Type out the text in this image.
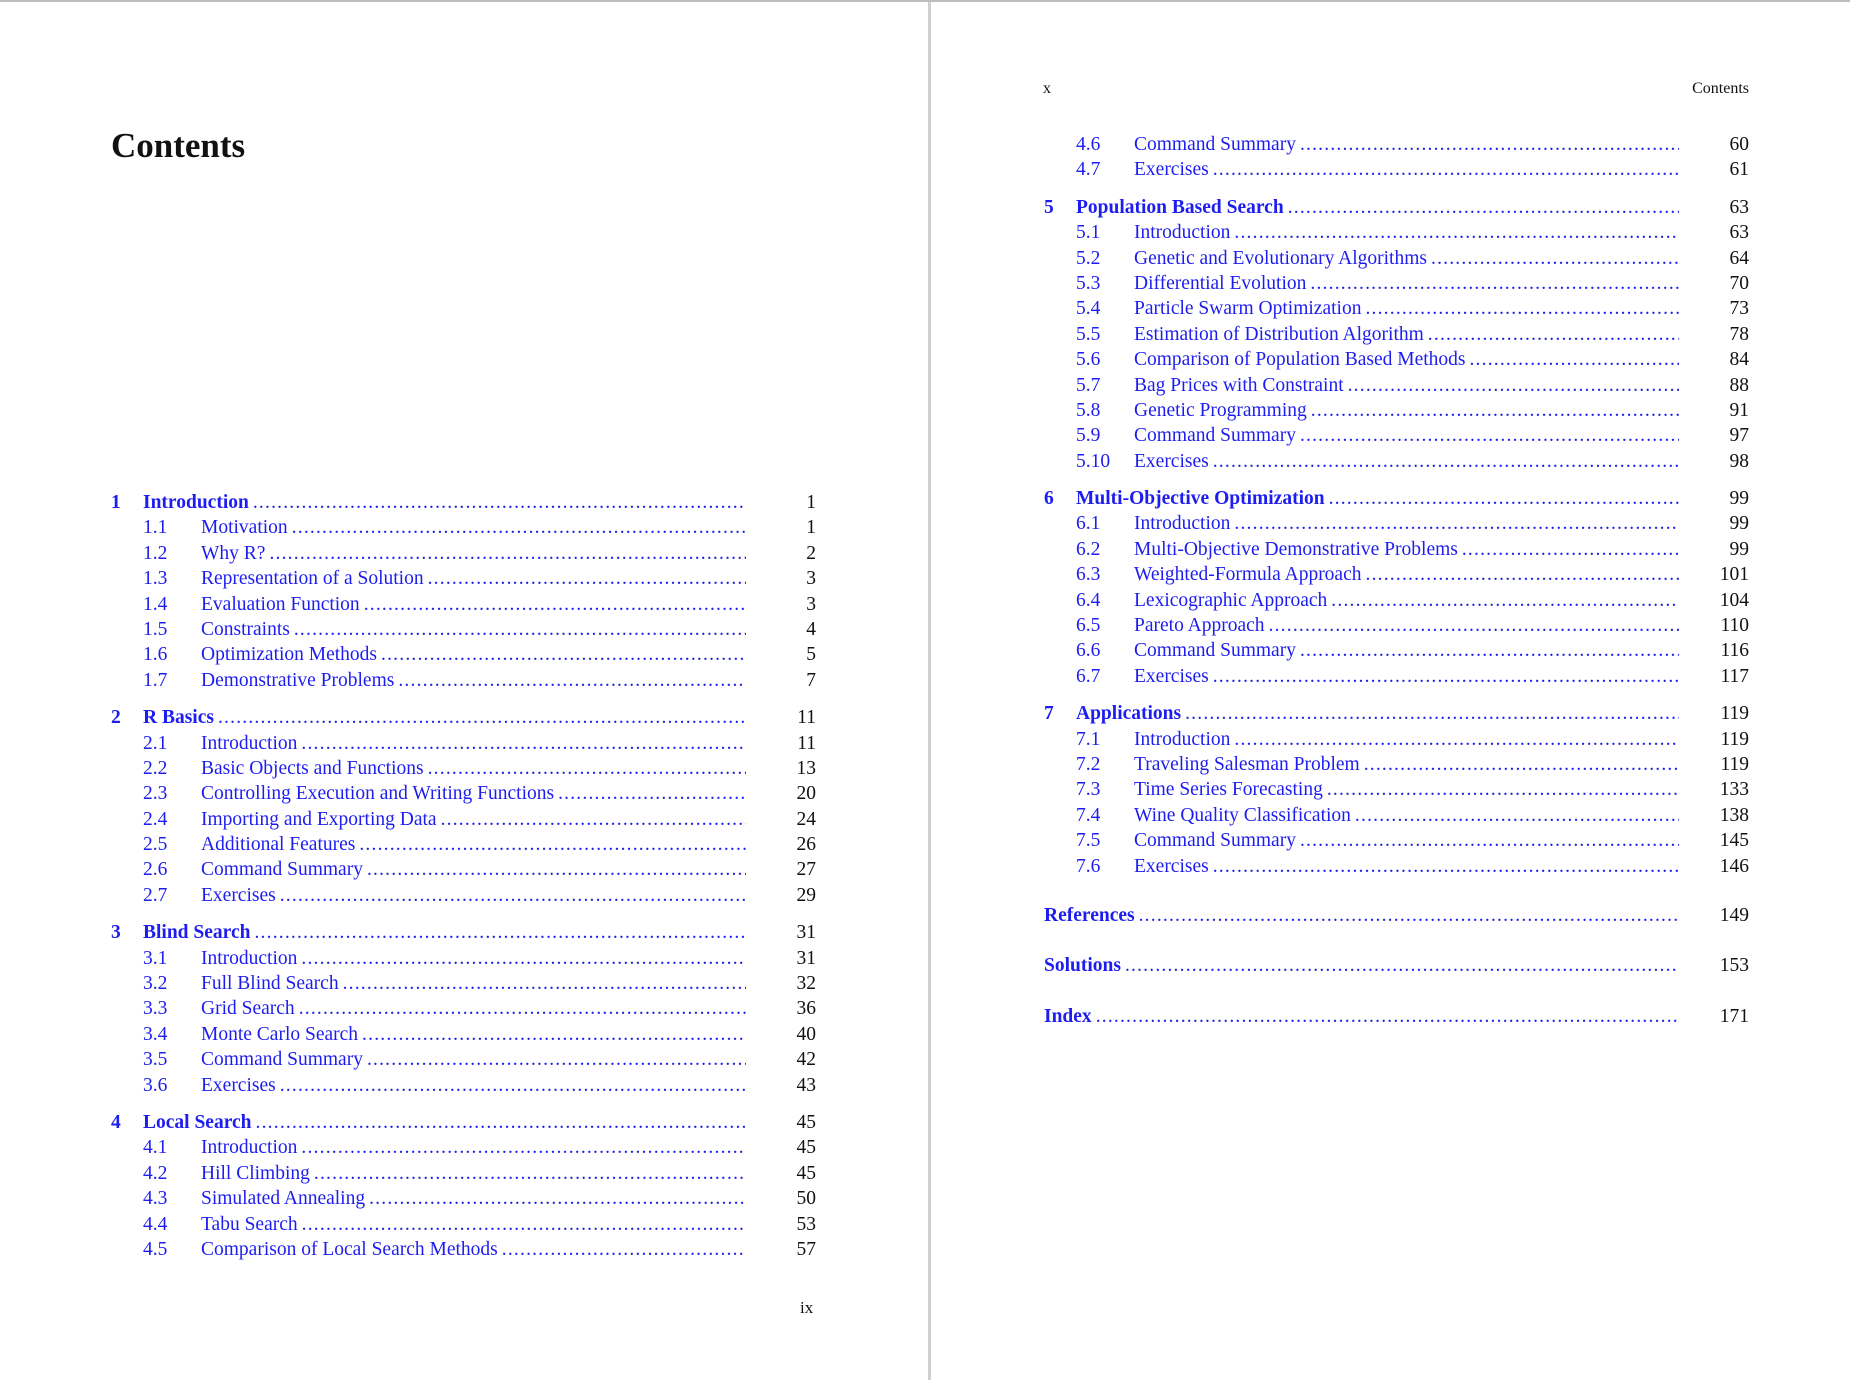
Contents
1	Introduction .....	1
1.1	Motivation .....	1
1.2	Why R? .....	2
1.3	Representation of a Solution .....	3
1.4	Evaluation Function .....	3
1.5	Constraints .....	4
1.6	Optimization Methods .....	5
1.7	Demonstrative Problems .....	7
2	R Basics .....	11
2.1	Introduction .....	11
2.2	Basic Objects and Functions .....	13
2.3	Controlling Execution and Writing Functions .....	20
2.4	Importing and Exporting Data .....	24
2.5	Additional Features .....	26
2.6	Command Summary .....	27
2.7	Exercises .....	29
3	Blind Search .....	31
3.1	Introduction .....	31
3.2	Full Blind Search .....	32
3.3	Grid Search .....	36
3.4	Monte Carlo Search .....	40
3.5	Command Summary .....	42
3.6	Exercises .....	43
4	Local Search .....	45
4.1	Introduction .....	45
4.2	Hill Climbing .....	45
4.3	Simulated Annealing .....	50
4.4	Tabu Search .....	53
4.5	Comparison of Local Search Methods .....	57
ix
x	Contents
4.6	Command Summary .....	60
4.7	Exercises .....	61
5	Population Based Search .....	63
5.1	Introduction .....	63
5.2	Genetic and Evolutionary Algorithms .....	64
5.3	Differential Evolution .....	70
5.4	Particle Swarm Optimization .....	73
5.5	Estimation of Distribution Algorithm .....	78
5.6	Comparison of Population Based Methods .....	84
5.7	Bag Prices with Constraint .....	88
5.8	Genetic Programming .....	91
5.9	Command Summary .....	97
5.10	Exercises .....	98
6	Multi-Objective Optimization .....	99
6.1	Introduction .....	99
6.2	Multi-Objective Demonstrative Problems .....	99
6.3	Weighted-Formula Approach .....	101
6.4	Lexicographic Approach .....	104
6.5	Pareto Approach .....	110
6.6	Command Summary .....	116
6.7	Exercises .....	117
7	Applications .....	119
7.1	Introduction .....	119
7.2	Traveling Salesman Problem .....	119
7.3	Time Series Forecasting .....	133
7.4	Wine Quality Classification .....	138
7.5	Command Summary .....	145
7.6	Exercises .....	146
References .....	149
Solutions .....	153
Index .....	171
